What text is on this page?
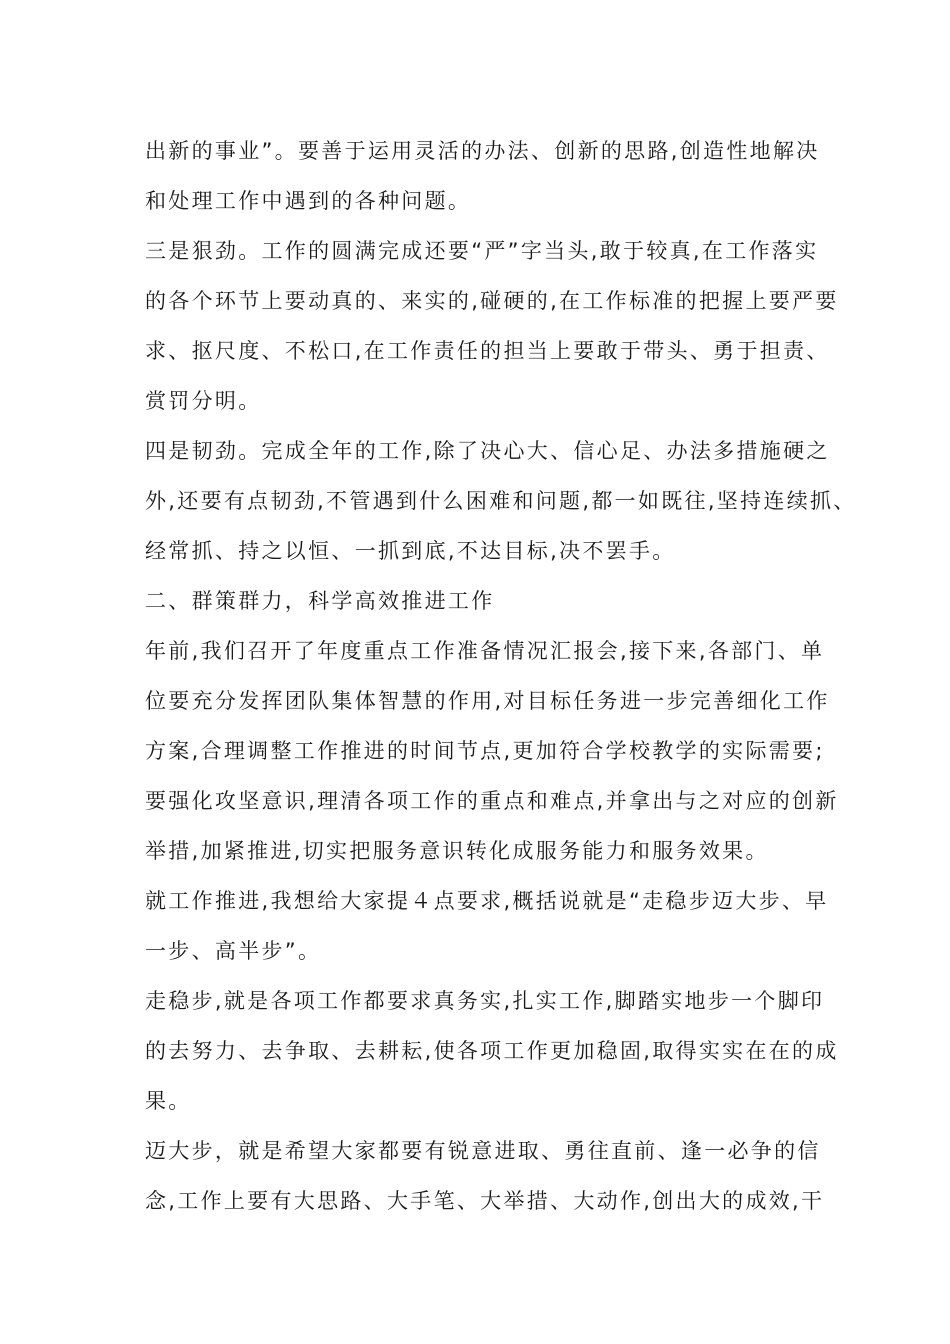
出新的事业”。要善于运用灵活的办法、创新的思路,创造性地解决
和处理工作中遇到的各种问题。
三是狠劲。工作的圆满完成还要“严”字当头,敢于较真,在工作落实
的各个环节上要动真的、来实的,碰硬的,在工作标准的把握上要严要
求、抠尺度、不松口,在工作责任的担当上要敢于带头、勇于担责、
赏罚分明。
四是韧劲。完成全年的工作,除了决心大、信心足、办法多措施硬之
外,还要有点韧劲,不管遇到什么困难和问题,都一如既往,坚持连续抓、
经常抓、持之以恒、一抓到底,不达目标,决不罢手。
二、群策群力，科学高效推进工作
年前,我们召开了年度重点工作准备情况汇报会,接下来,各部门、单
位要充分发挥团队集体智慧的作用,对目标任务进一步完善细化工作
方案,合理调整工作推进的时间节点,更加符合学校教学的实际需要;
要强化攻坚意识,理清各项工作的重点和难点,并拿出与之对应的创新
举措,加紧推进,切实把服务意识转化成服务能力和服务效果。
就工作推进,我想给大家提４点要求,概括说就是“走稳步迈大步、早
一步、高半步”。
走稳步,就是各项工作都要求真务实,扎实工作,脚踏实地步一个脚印
的去努力、去争取、去耕耘,使各项工作更加稳固,取得实实在在的成
果。
迈大步，就是希望大家都要有锐意进取、勇往直前、逢一必争的信
念,工作上要有大思路、大手笔、大举措、大动作,创出大的成效,干
